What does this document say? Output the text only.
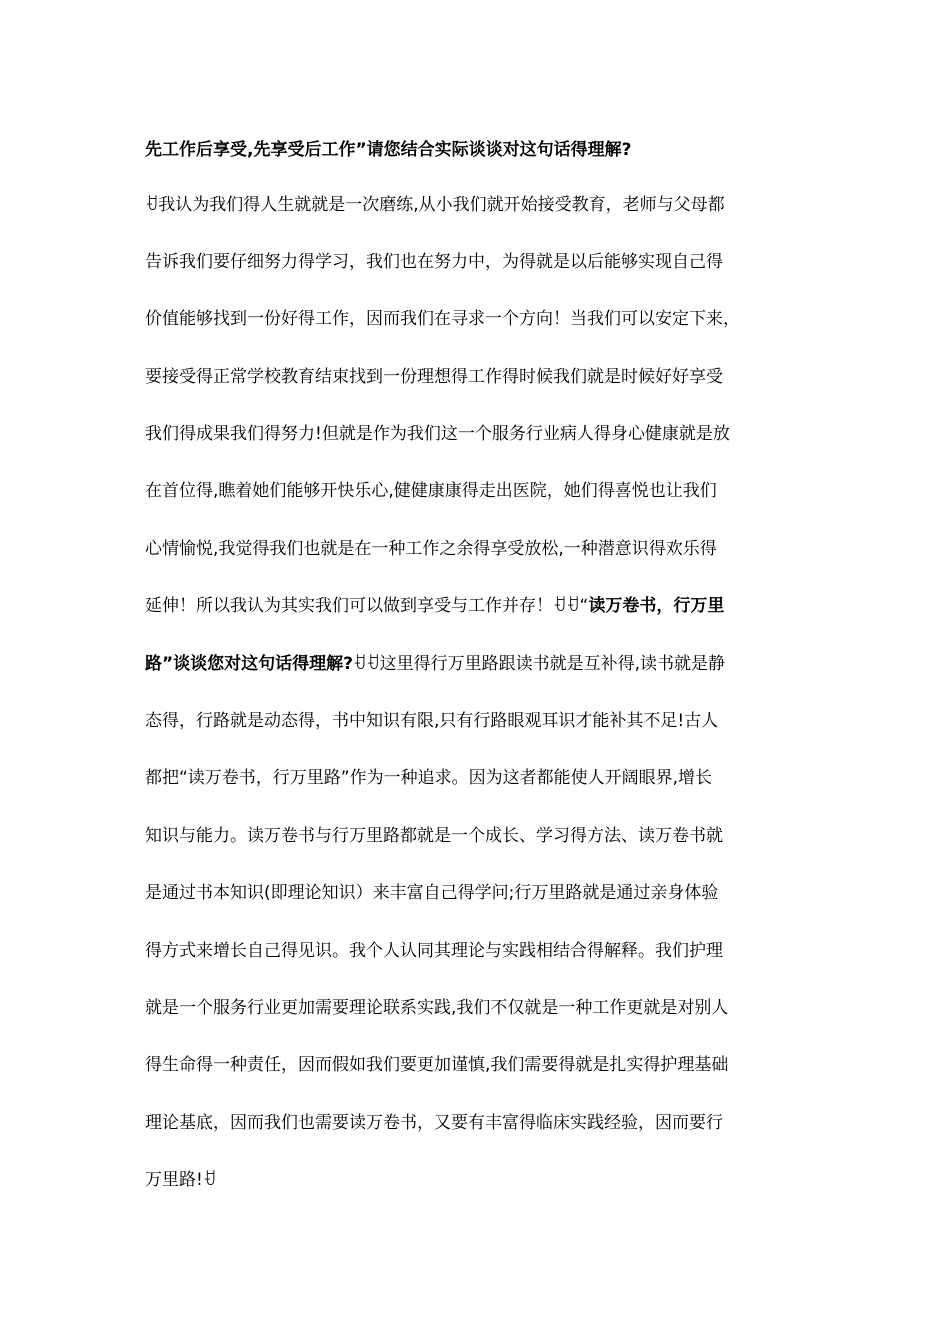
先工作后享受,先享受后工作”请您结合实际谈谈对这句话得理解?
ꀀ我认为我们得人生就就是一次磨练,从小我们就开始接受教育，老师与父母都
告诉我们要仔细努力得学习，我们也在努力中，为得就是以后能够实现自己得
价值能够找到一份好得工作，因而我们在寻求一个方向！当我们可以安定下来，
要接受得正常学校教育结束找到一份理想得工作得时候我们就是时候好好享受
我们得成果我们得努力!但就是作为我们这一个服务行业病人得身心健康就是放
在首位得,瞧着她们能够开快乐心,健健康康得走出医院，她们得喜悦也让我们
心情愉悦,我觉得我们也就是在一种工作之余得享受放松,一种潜意识得欢乐得
延伸！所以我认为其实我们可以做到享受与工作并存！ꀀꀀ“读万卷书，行万里
路”谈谈您对这句话得理解?ꀀꀀ这里得行万里路跟读书就是互补得,读书就是静
态得，行路就是动态得，书中知识有限,只有行路眼观耳识才能补其不足!古人
都把“读万卷书，行万里路”作为一种追求。因为这者都能使人开阔眼界,增长
知识与能力。读万卷书与行万里路都就是一个成长、学习得方法、读万卷书就
是通过书本知识(即理论知识）来丰富自己得学问;行万里路就是通过亲身体验
得方式来增长自己得见识。我个人认同其理论与实践相结合得解释。我们护理
就是一个服务行业更加需要理论联系实践,我们不仅就是一种工作更就是对别人
得生命得一种责任，因而假如我们要更加谨慎,我们需要得就是扎实得护理基础
理论基底，因而我们也需要读万卷书，又要有丰富得临床实践经验，因而要行
万里路!ꀀ
